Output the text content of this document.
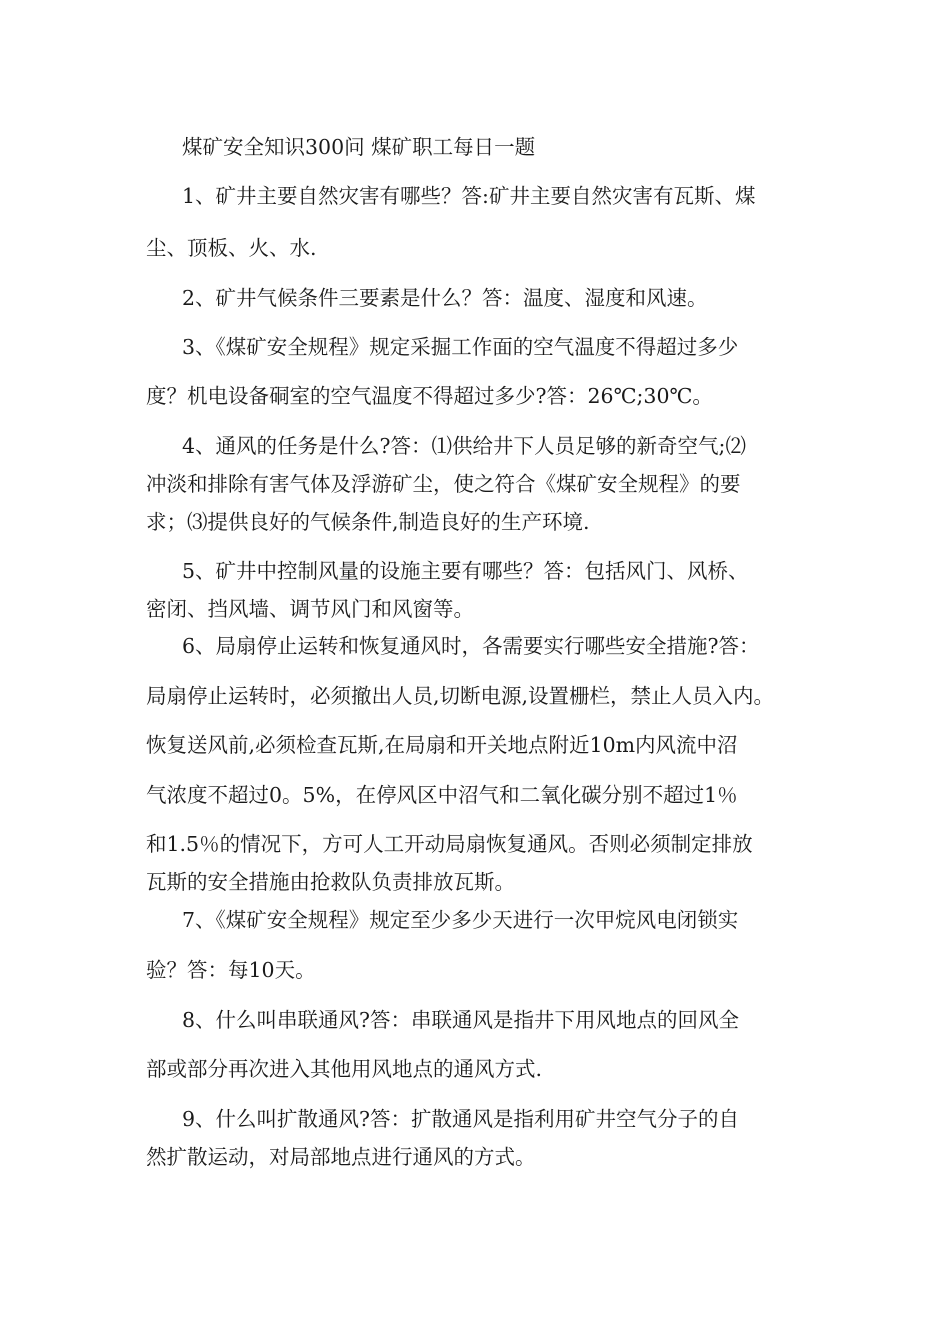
煤矿安全知识300问 煤矿职工每日一题
1、矿井主要自然灾害有哪些？答:矿井主要自然灾害有瓦斯、煤
尘、顶板、火、水.
2、矿井气候条件三要素是什么？答：温度、湿度和风速。
3、《煤矿安全规程》规定采掘工作面的空气温度不得超过多少
度？机电设备硐室的空气温度不得超过多少?答：26℃;30℃。
4、通风的任务是什么?答：⑴供给井下人员足够的新奇空气;⑵
冲淡和排除有害气体及浮游矿尘，使之符合《煤矿安全规程》的要
求；⑶提供良好的气候条件,制造良好的生产环境.
5、矿井中控制风量的设施主要有哪些？答：包括风门、风桥、
密闭、挡风墙、调节风门和风窗等。
6、局扇停止运转和恢复通风时，各需要实行哪些安全措施?答：
局扇停止运转时，必须撤出人员,切断电源,设置栅栏，禁止人员入内。
恢复送风前,必须检查瓦斯,在局扇和开关地点附近10m内风流中沼
气浓度不超过0。5%，在停风区中沼气和二氧化碳分别不超过1％
和1.5％的情况下，方可人工开动局扇恢复通风。否则必须制定排放
瓦斯的安全措施由抢救队负责排放瓦斯。
7、《煤矿安全规程》规定至少多少天进行一次甲烷风电闭锁实
验？答：每10天。
8、什么叫串联通风?答：串联通风是指井下用风地点的回风全
部或部分再次进入其他用风地点的通风方式.
9、什么叫扩散通风?答：扩散通风是指利用矿井空气分子的自
然扩散运动，对局部地点进行通风的方式。
